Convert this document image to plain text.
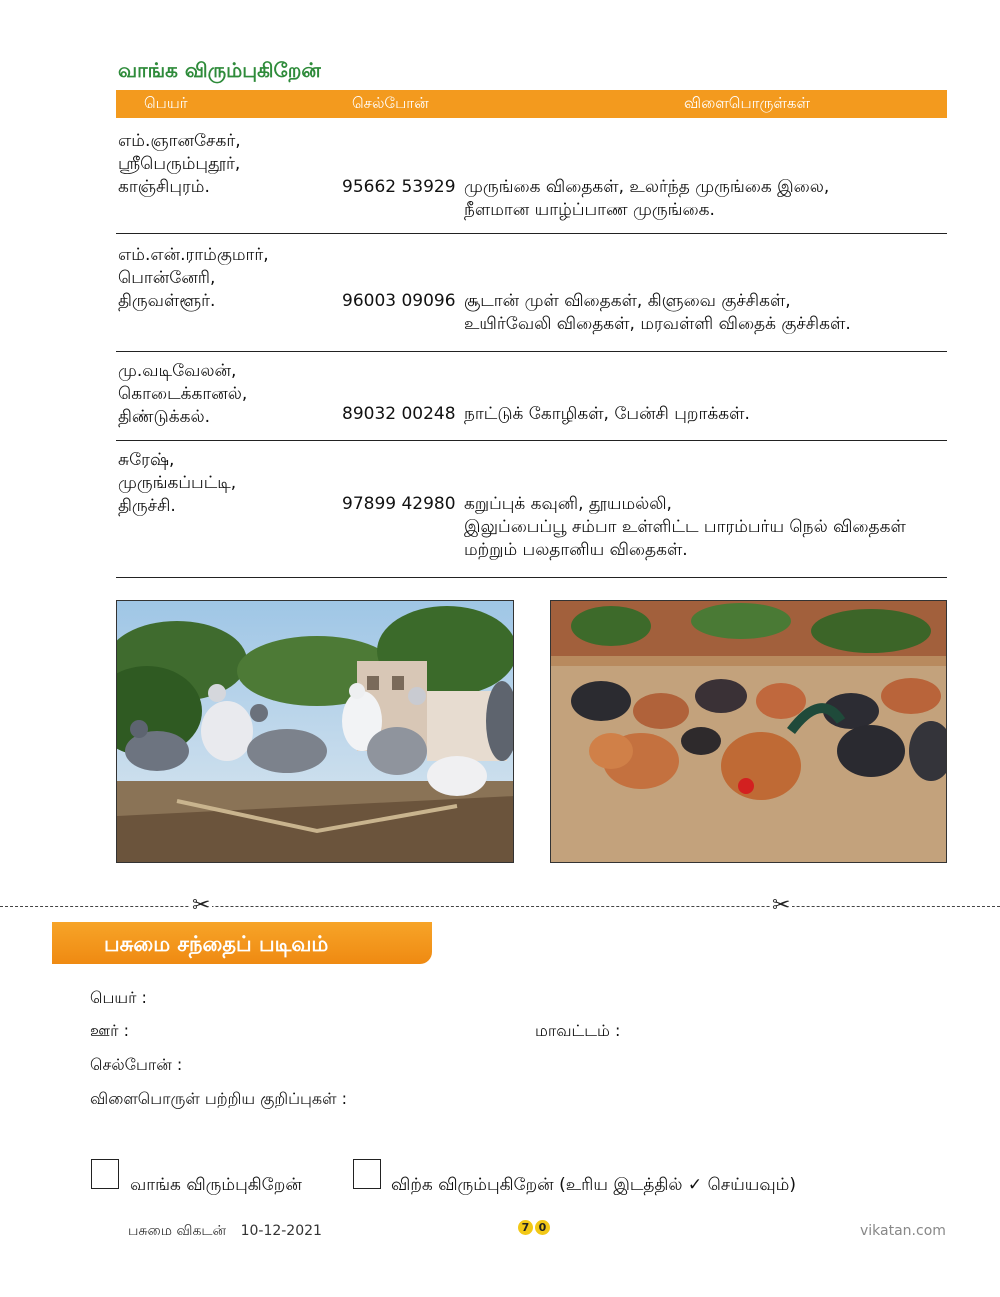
வாங்க விரும்புகிறேன்
பெயர்	செல்போன்	விளைபொருள்கள்
எம்.ஞானசேகர்,
ஸ்ரீபெரும்புதூர்,
காஞ்சிபுரம்.	95662 53929 முருங்கை விதைகள், உலர்ந்த முருங்கை இலை,
நீளமான யாழ்ப்பாண முருங்கை.
எம்.என்.ராம்குமார்,
பொன்னேரி,
திருவள்ளூர்.	96003 09096 சூடான் முள் விதைகள், கிளுவை குச்சிகள்,
உயிர்வேலி விதைகள், மரவள்ளி விதைக் குச்சிகள்.
மு.வடிவேலன்,
கொடைக்கானல்,
திண்டுக்கல்.	89032 00248 நாட்டுக் கோழிகள், பேன்சி புறாக்கள்.
சுரேஷ்,
முருங்கப்பட்டி,
திருச்சி.	97899 42980 கறுப்புக் கவுனி, தூயமல்லி,
இலுப்பைப்பூ சம்பா உள்ளிட்ட பாரம்பர்ய நெல் விதைகள்
மற்றும் பலதானிய விதைகள்.
✂	✂
பசுமை சந்தைப் படிவம்
பெயர் :
ஊர் :	மாவட்டம் :
செல்போன் :
விளைபொருள் பற்றிய குறிப்புகள் :
வாங்க விரும்புகிறேன்	விற்க விரும்புகிறேன் (உரிய இடத்தில் ✓ செய்யவும்)
பசுமை விகடன் 10-12-2021	7 0	vikatan.com
